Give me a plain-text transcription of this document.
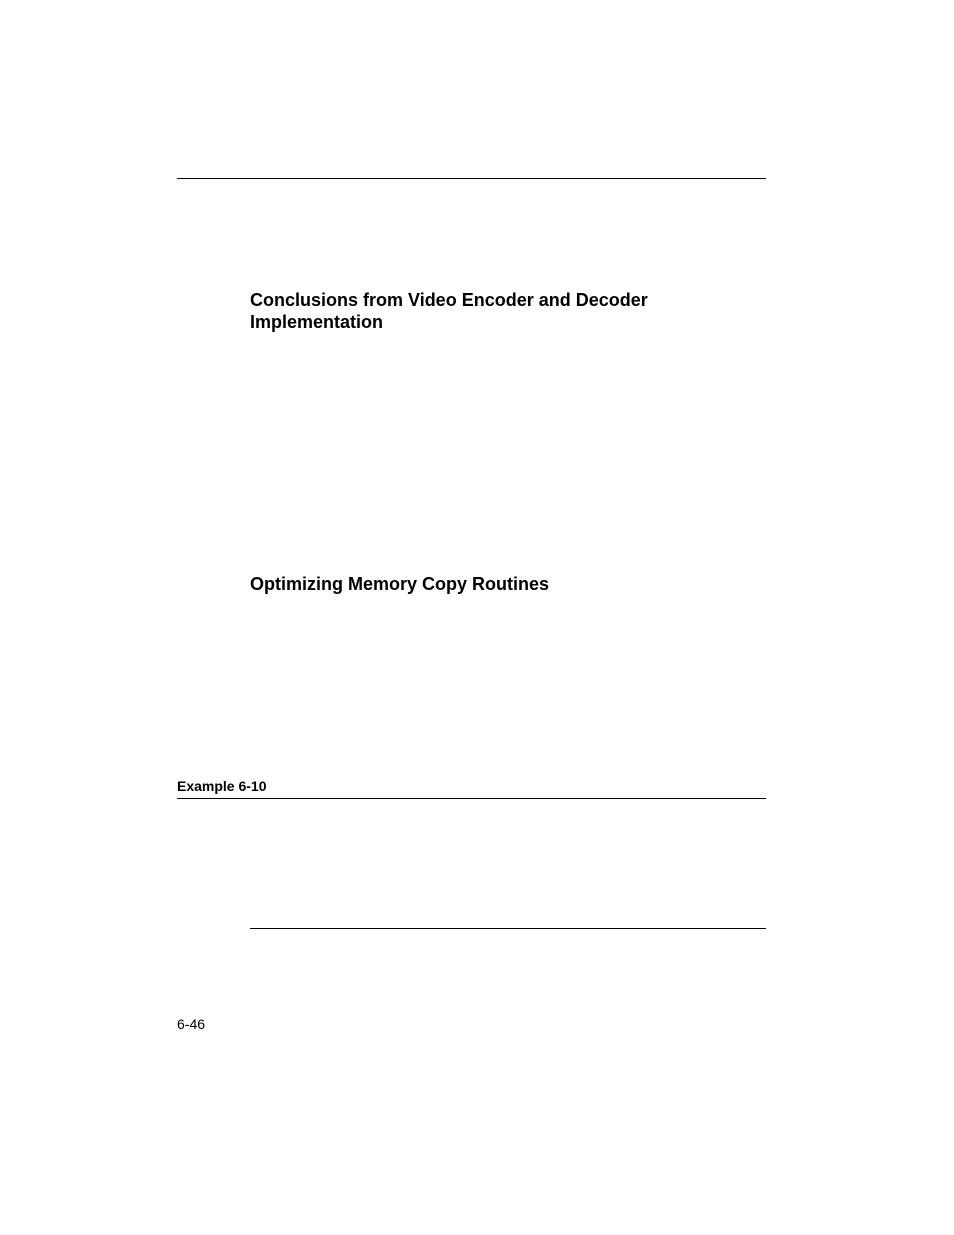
Conclusions from Video Encoder and Decoder
Implementation
Optimizing Memory Copy Routines

Example 6-10

6-46
